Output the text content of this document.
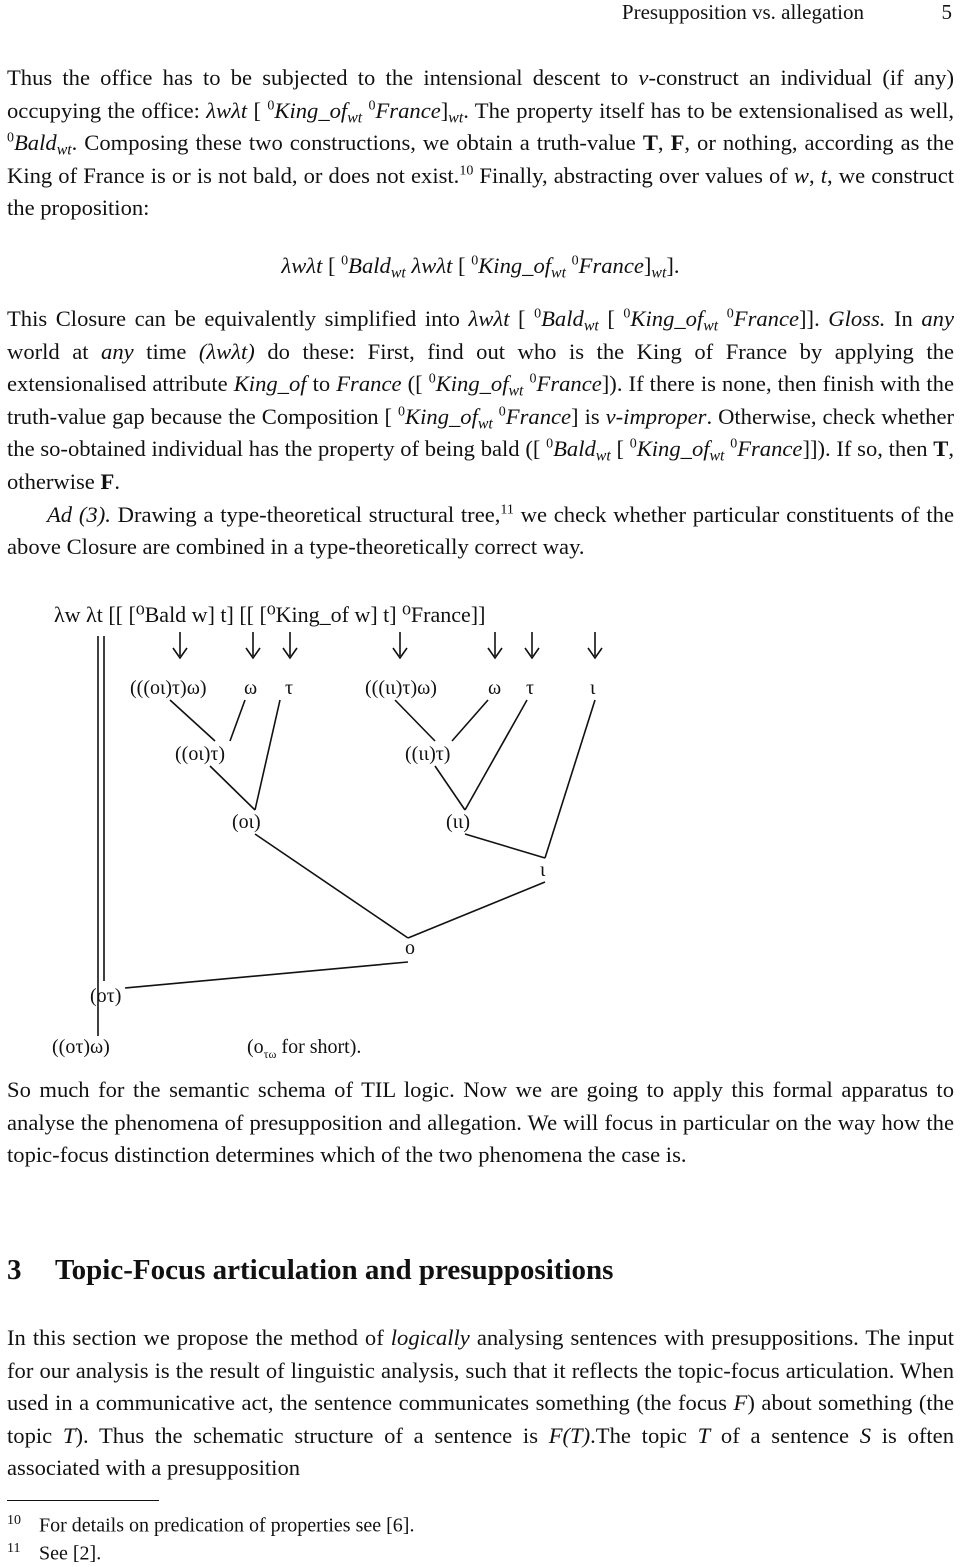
Presupposition vs. allegation	5

Thus the office has to be subjected to the intensional descent to v-construct an individual (if any) occupying the office: λwλt [ $^0King\_of_{wt}$ $^0France]_{wt}$. The property itself has to be extensionalised as well, $^0$Bald$_{wt}$. Composing these two constructions, we obtain a truth-value T, F, or nothing, according as the King of France is or is not bald, or does not exist.$^{10}$ Finally, abstracting over values of w, t, we construct the proposition:

λwλt [ $^0$Bald$_{wt}$ λwλt [ $^0King\_of_{wt}$ $^0France]_{wt}$].

This Closure can be equivalently simplified into λwλt [ $^0$Bald$_{wt}$ [ $^0King\_of_{wt}$ $^0$France]]. Gloss. In any world at any time (λwλt) do these: First, find out who is the King of France by applying the extensionalised attribute King_of to France ([ $^0King\_of_{wt}$ $^0$France]). If there is none, then finish with the truth-value gap because the Composition [ $^0King\_of_{wt}$ $^0$France] is v-improper. Otherwise, check whether the so-obtained individual has the property of being bald ([ $^0$Bald$_{wt}$ [ $^0King\_of_{wt}$ $^0$France]]). If so, then T, otherwise F.

Ad (3). Drawing a type-theoretical structural tree,$^{11}$ we check whether particular constituents of the above Closure are combined in a type-theoretically correct way.

λw λt [[ [⁰Bald w] t] [[ [⁰King_of w] t] ⁰France]]
(((οι)τ)ω) ω τ	(((ιι)τ)ω)	ω τ	ι
((οι)τ)	((ιι)τ)
(οι)	(ιι)
ι
ο
(οτ)
((οτ)ω)	($o_{\tau\omega}$ for short).

So much for the semantic schema of TIL logic. Now we are going to apply this formal apparatus to analyse the phenomena of presupposition and allegation. We will focus in particular on the way how the topic-focus distinction determines which of the two phenomena the case is.

3 Topic-Focus articulation and presuppositions

In this section we propose the method of logically analysing sentences with presuppositions. The input for our analysis is the result of linguistic analysis, such that it reflects the topic-focus articulation. When used in a communicative act, the sentence communicates something (the focus F) about something (the topic T). Thus the schematic structure of a sentence is F(T).The topic T of a sentence S is often associated with a presupposition

10 For details on predication of properties see [6].
11 See [2].
